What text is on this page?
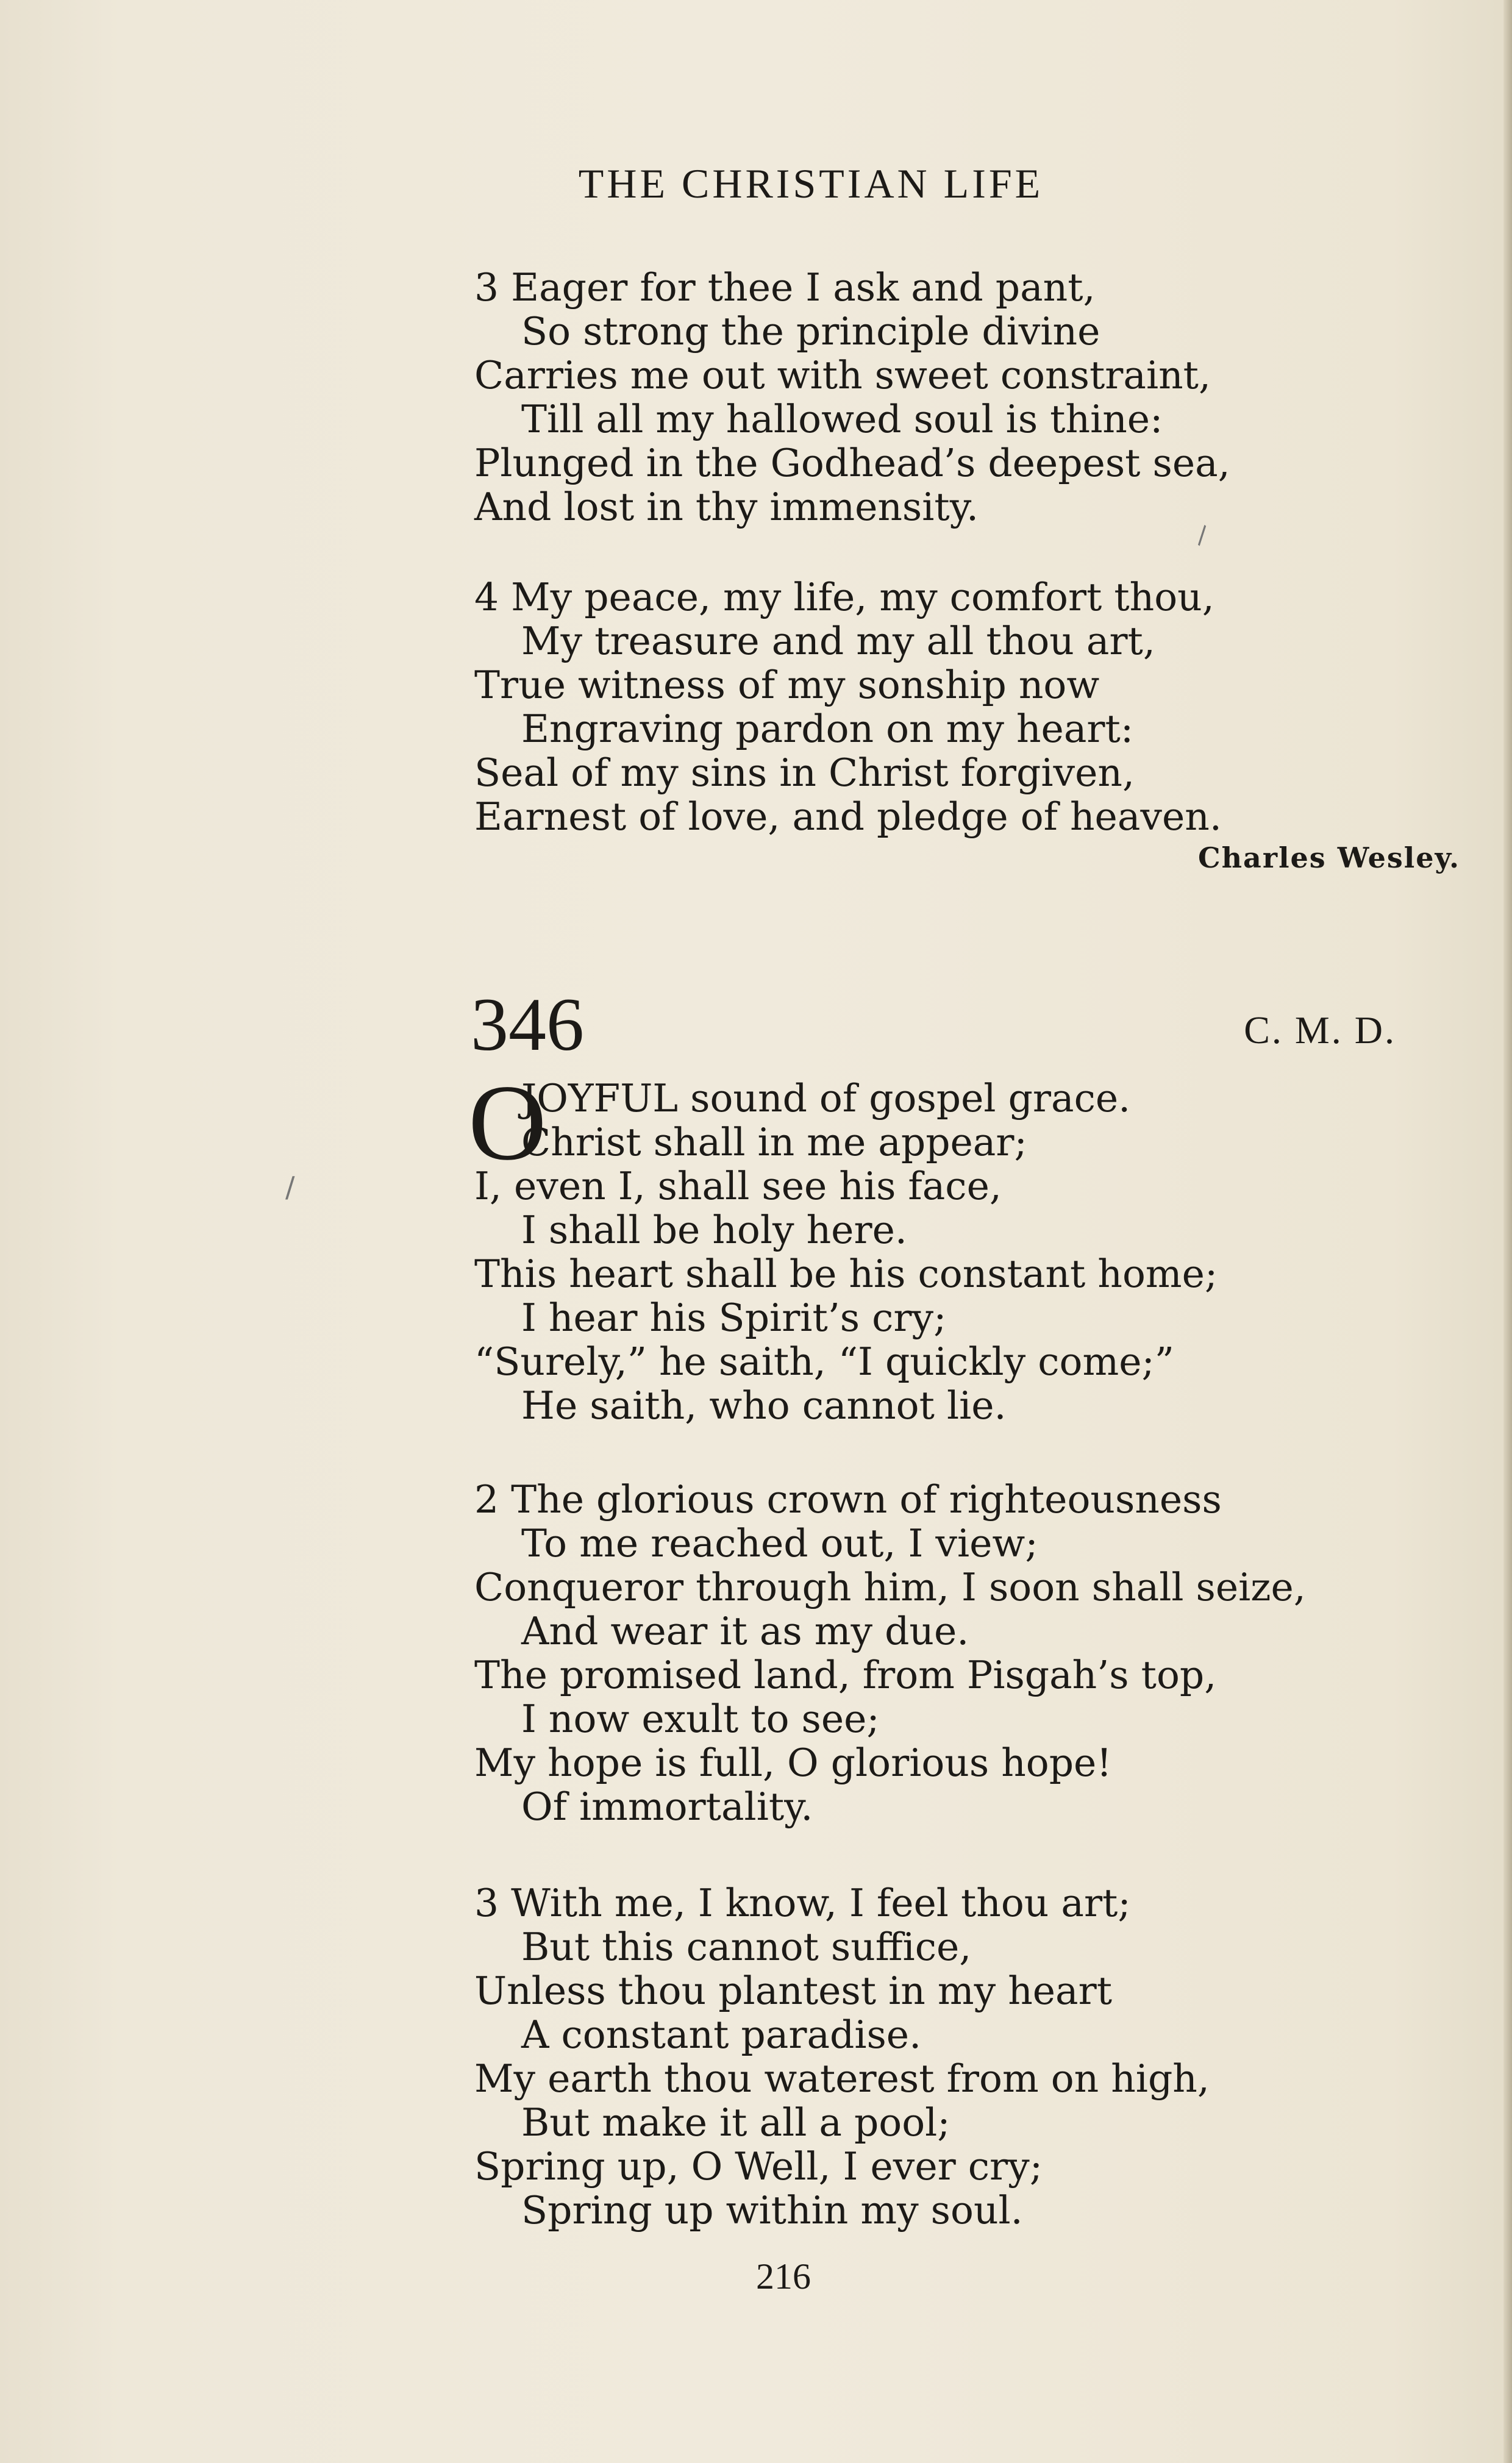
THE CHRISTIAN LIFE
3 Eager for thee I ask and pant,
So strong the principle divine
Carries me out with sweet constraint,
Till all my hallowed soul is thine:
Plunged in the Godhead’s deepest sea,
And lost in thy immensity.
4 My peace, my life, my comfort thou,
My treasure and my all thou art,
True witness of my sonship now
Engraving pardon on my heart:
Seal of my sins in Christ forgiven,
Earnest of love, and pledge of heaven.
Charles Wesley.
346	C. M. D.
O
JOYFUL sound of gospel grace.
Christ shall in me appear;
I, even I, shall see his face,
I shall be holy here.
This heart shall be his constant home;
I hear his Spirit’s cry;
“Surely,” he saith, “I quickly come;”
He saith, who cannot lie.
2 The glorious crown of righteousness
To me reached out, I view;
Conqueror through him, I soon shall seize,
And wear it as my due.
The promised land, from Pisgah’s top,
I now exult to see;
My hope is full, O glorious hope!
Of immortality.
3 With me, I know, I feel thou art;
But this cannot suffice,
Unless thou plantest in my heart
A constant paradise.
My earth thou waterest from on high,
But make it all a pool;
Spring up, O Well, I ever cry;
Spring up within my soul.
216
\
/
